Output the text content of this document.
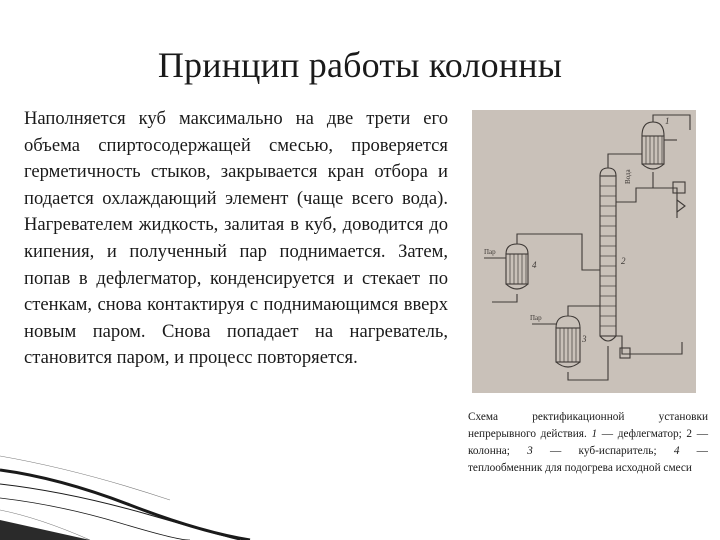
Принцип работы колонны
Наполняется куб максимально на две трети его объема спиртосодержащей смесью, проверяется герметичность стыков, закрывается кран отбора и подается охлаждающий элемент (чаще всего вода). Нагревателем жидкость, залитая в куб, доводится до кипения, и полученный пар поднимается. Затем, попав в дефлегматор, конденсируется и стекает по стенкам, снова контактируя с поднимающимся вверх новым паром. Снова попадает на нагреватель, становится паром, и процесс повторяется.
1
2
3
4
Пар
Пар
Вода
Схема ректификационной установки непрерывного действия. 1 — дефлегматор; 2 — колонна; 3 — куб-испаритель; 4 — теплообменник для подогрева исходной смеси
